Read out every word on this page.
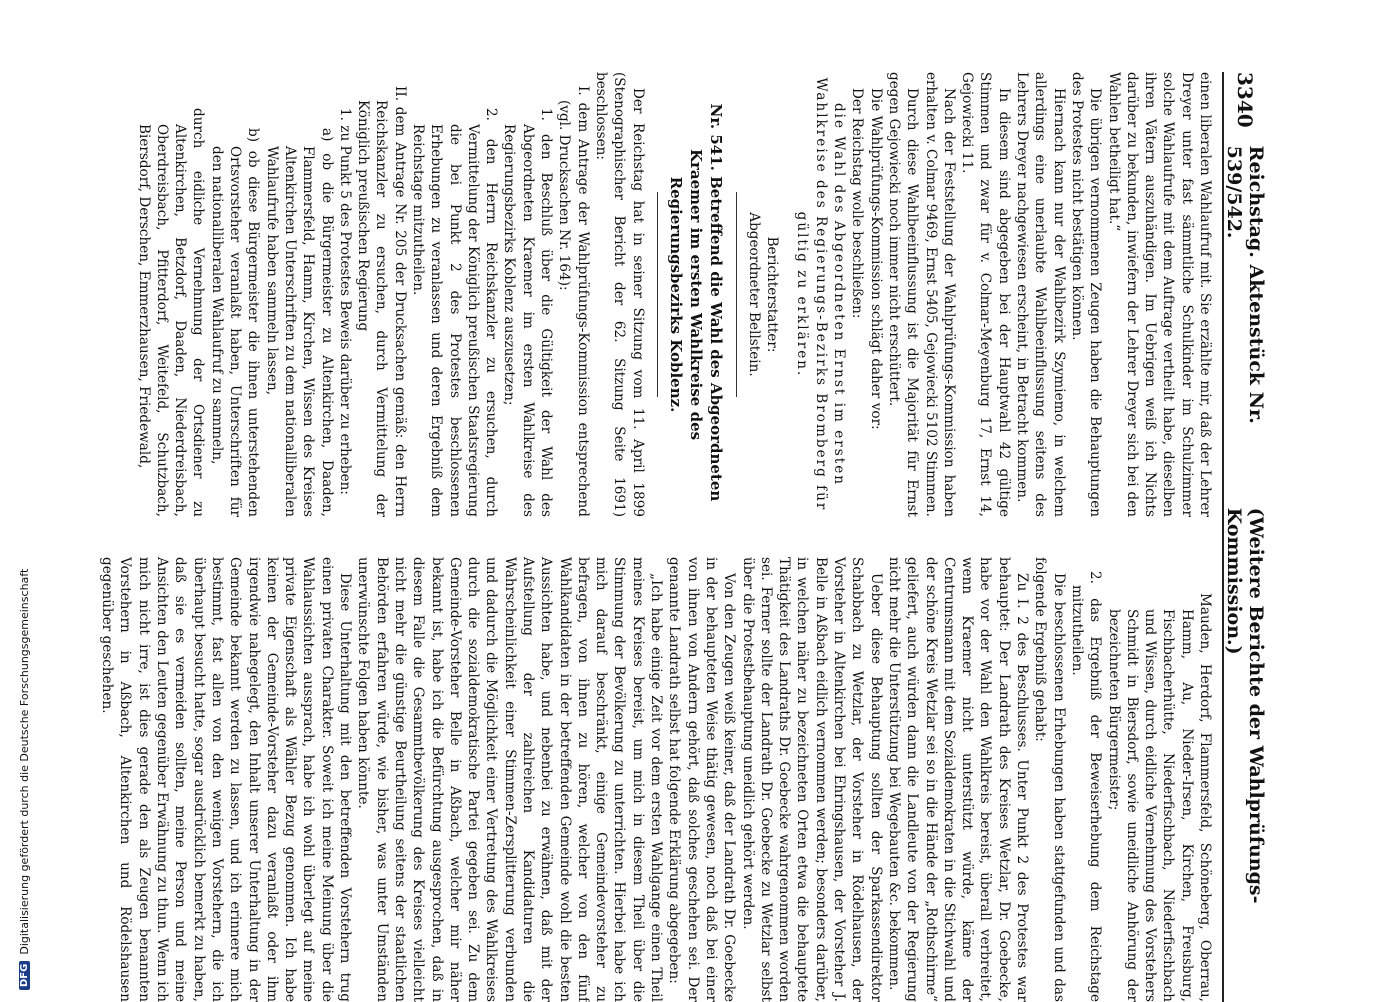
3340
Reichstag. Aktenstück Nr. 539/542.
(Weitere Berichte der Wahlprüfungs-Kommission.)

einen liberalen Wahlaufruf mit. Sie erzählte mir, daß der Lehrer Dreyer unter fast sämmtliche Schulkinder im Schulzimmer solche Wahlaufrufe mit dem Auftrage vertheilt habe, dieselben ihren Vätern auszuhändigen. Im Uebrigen weiß ich Nichts darüber zu bekunden, inwiefern der Lehrer Dreyer sich bei den Wahlen betheiligt hat.“

Die übrigen vernommenen Zeugen haben die Behauptungen des Protestes nicht bestätigen können.

Hiernach kann nur der Wahlbezirk Szymiemo, in welchem allerdings eine unerlaubte Wahlbeeinflussung seitens des Lehrers Dreyer nachgewiesen erscheint, in Betracht kommen.

In diesem sind abgegeben bei der Hauptwahl 42 gültige Stimmen und zwar für v. Colmar-Meyenburg 17, Ernst 14, Gejowiecki 11.

Nach der Feststellung der Wahlprüfungs-Kommission haben erhalten v. Colmar 9469, Ernst 5405, Gejowiecki 5102 Stimmen.

Durch diese Wahlbeeinflussung ist die Majorität für Ernst gegen Gejowiecki noch immer nicht erschüttert.

Die Wahlprüfungs-Kommission schlägt daher vor:

Der Reichstag wolle beschließen:

die Wahl des Abgeordneten Ernst im ersten Wahlkreise des Regierungs-Bezirks Bromberg für gültig zu erklären.

Berichterstatter:

Abgeordneter Bellstein.

Nr. 541. Betreffend die Wahl des Abgeordneten Kraemer im ersten Wahlkreise des Regierungsbezirks Koblenz.

Der Reichstag hat in seiner Sitzung vom 11. April 1899 (Stenographischer Bericht der 62. Sitzung Seite 1691) beschlossen:

I. dem Antrage der Wahlprüfungs-Kommission entsprechend (vgl. Drucksachen Nr. 164):

1. den Beschluß über die Gültigkeit der Wahl des Abgeordneten Kraemer im ersten Wahlkreise des Regierungsbezirks Koblenz auszusetzen;

2. den Herrn Reichskanzler zu ersuchen, durch Vermittelung der Königlich preußischen Staatsregierung die bei Punkt 2 des Protestes beschlossenen Erhebungen zu veranlassen und deren Ergebniß dem Reichstage mitzutheilen.

II. dem Antrage Nr. 205 der Drucksachen gemäß: den Herrn Reichskanzler zu ersuchen, durch Vermittelung der Königlich preußischen Regierung

1. zu Punkt 5 des Protestes Beweis darüber zu erheben:

a) ob die Bürgermeister zu Altenkirchen, Daaden, Flammersfeld, Hamm, Kirchen, Wissen des Kreises Altenkirchen Unterschriften zu dem nationalliberalen Wahlaufrufe haben sammeln lassen,

b) ob diese Bürgermeister die ihnen unterstehenden Ortsvorsteher veranlaßt haben, Unterschriften für den nationalliberalen Wahlaufruf zu sammeln,

durch eidliche Vernehmung der Ortsdiener zu Altenkirchen, Betzdorf, Daaden, Niederdreisbach, Oberdreisbach, Pfitterdorf, Weitefeld, Schutzbach, Biersdorf, Derschen, Emmerzhausen, Friedewald,

Mauden, Herdorf, Flammersfeld, Schöneberg, Oberrau, Hamm, Au, Nieder-Irsen, Kirchen, Freusburg, Fischbacherhütte, Niederfischbach, Niederfischbach und Wissen, durch eidliche Vernehmung des Vorstehers Schmidt in Biersdorf, sowie uneidliche Anhörung der bezeichneten Bürgermeister;

2. das Ergebniß der Beweiserhebung dem Reichstage mitzutheilen.

Die beschlossenen Erhebungen haben stattgefunden und das folgende Ergebniß gehabt:

Zu I. 2 des Beschlusses. Unter Punkt 2 des Protestes war behauptet: Der Landrath des Kreises Wetzlar, Dr. Goebecke, habe vor der Wahl den Wahlkreis bereist, überall verbreitet, wenn Kraemer nicht unterstützt würde, käme der Centrumsmann mit dem Sozialdemokraten in die Stichwahl und der schöne Kreis Wetzlar sei so in die Hände der „Rothschirme“ geliefert, auch würden dann die Landleute von der Regierung nicht mehr die Unterstützung bei Wegebauten &c. bekommen.

Ueber diese Behauptung sollten der Sparkassendirektor Schabbach zu Wetzlar, der Vorsteher in Rödelhausen, der Vorsteher in Altenkirchen bei Ehringshausen, der Vorsteher J. Belle in Aßbach eidlich vernommen werden; besonders darüber, in welchen näher zu bezeichneten Orten etwa die behauptete Thätigkeit des Landraths Dr. Goebecke wahrgenommen worden sei. Ferner sollte der Landrath Dr. Goebecke zu Wetzlar selbst über die Protestbehauptung uneidlich gehört werden.

Von den Zeugen weiß keiner, daß der Landrath Dr. Goebecke in der behaupteten Weise thätig gewesen, noch daß bei einer von ihnen von Andern gehört, daß solches geschehen sei. Der genannte Landrath selbst hat folgende Erklärung abgegeben:

„Ich habe einige Zeit vor dem ersten Wahlgange einen Theil meines Kreises bereist, um mich in diesem Theil über die Stimmung der Bevölkerung zu unterrichten. Hierbei habe ich mich darauf beschränkt, einige Gemeindevorsteher zu befragen, von ihnen zu hören, welcher von den fünf Wahlkandidaten in der betreffenden Gemeinde wohl die besten Aussichten habe, und nebenbei zu erwähnen, daß mit der Aufstellung der zahlreichen Kandidaturen die Wahrscheinlichkeit einer Stimmen-Zersplitterung verbunden und dadurch die Möglichkeit einer Vertretung des Wahlkreises durch die sozialdemokratische Partei gegeben sei. Zu dem Gemeinde-Vorsteher Belle in Aßbach, welcher mir näher bekannt ist, habe ich die Befürchtung ausgesprochen, daß in diesem Falle die Gesammtbevölkerung des Kreises vielleicht nicht mehr die günstige Beurtheilung seitens der staatlichen Behörden erfahren würde, wie bisher, was unter Umständen unerwünschte Folgen haben könnte.

Diese Unterhaltung mit den betreffenden Vorstehern trug einen privaten Charakter. Soweit ich meine Meinung über die Wahlaussichten aussprach, habe ich wohl überlegt auf meine private Eigenschaft als Wähler Bezug genommen. Ich habe keinen der Gemeinde-Vorsteher dazu veranlaßt oder ihm irgendwie nahegelegt, den Inhalt unserer Unterhaltung in der Gemeinde bekannt werden zu lassen, und ich erinnere mich bestimmt, fast allen von den wenigen Vorstehern, die ich überhaupt besucht hatte, sogar ausdrücklich bemerkt zu haben, daß sie es vermeiden sollten, meine Person und meine Ansichten den Leuten gegenüber Erwähnung zu thun. Wenn ich mich nicht irre, ist dies gerade den als Zeugen benannten Vorstehern in Aßbach, Altenkirchen und Rödelshausen gegenüber geschehen.

DFG
Digitalisierung gefördert durch die Deutsche Forschungsgemeinschaft
